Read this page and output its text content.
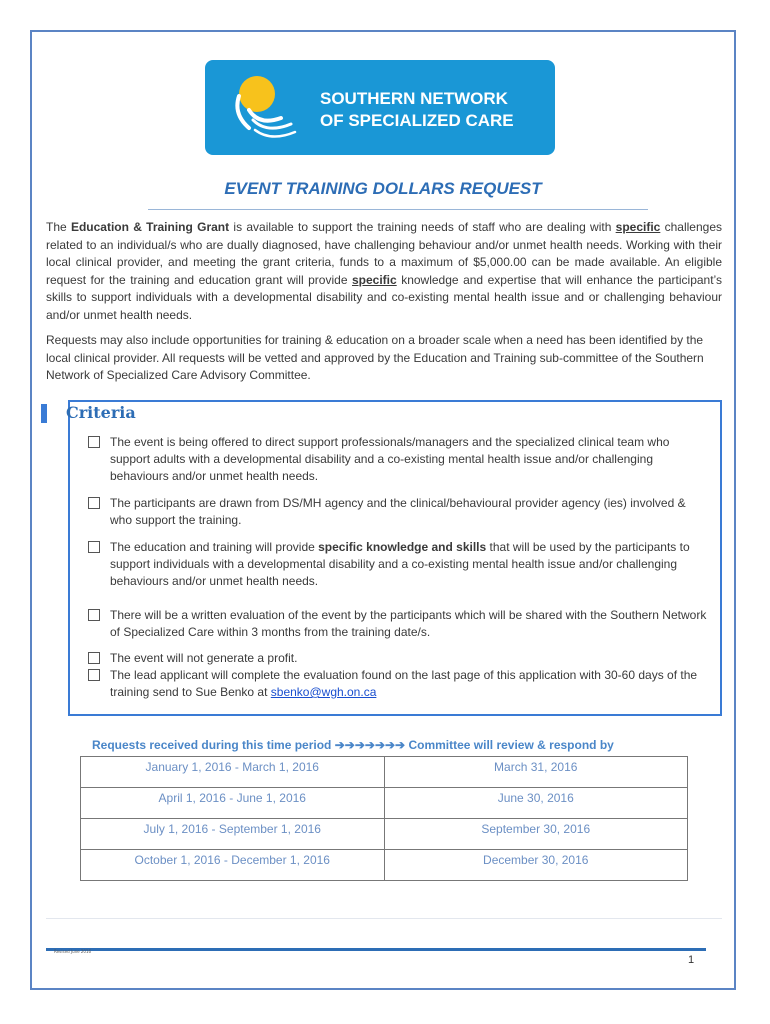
SOUTHERN NETWORK
OF SPECIALIZED CARE
EVENT TRAINING DOLLARS REQUEST

The Education & Training Grant is available to support the training needs of staff who are dealing with specific challenges related to an individual/s who are dually diagnosed, have challenging behaviour and/or unmet health needs. Working with their local clinical provider, and meeting the grant criteria, funds to a maximum of $5,000.00 can be made available. An eligible request for the training and education grant will provide specific knowledge and expertise that will enhance the participant’s skills to support individuals with a developmental disability and co-existing mental health issue and or challenging behaviour and/or unmet health needs.

Requests may also include opportunities for training & education on a broader scale when a need has been identified by the local clinical provider. All requests will be vetted and approved by the Education and Training sub-committee of the Southern Network of Specialized Care Advisory Committee.

Criteria
The event is being offered to direct support professionals/managers and the specialized clinical team who support adults with a developmental disability and a co-existing mental health issue and/or challenging behaviours and/or unmet health needs.
The participants are drawn from DS/MH agency and the clinical/behavioural provider agency (ies) involved & who support the training.
The education and training will provide specific knowledge and skills that will be used by the participants to support individuals with a developmental disability and a co-existing mental health issue and/or challenging behaviours and/or unmet health needs.
There will be a written evaluation of the event by the participants which will be shared with the Southern Network of Specialized Care within 3 months from the training date/s.
The event will not generate a profit.
The lead applicant will complete the evaluation found on the last page of this application with 30-60 days of the training send to Sue Benko at sbenko@wgh.on.ca
Requests received during this time period ➔➔➔➔➔➔➔ Committee will review & respond by
January 1, 2016 - March 1, 2016	March 31, 2016
April 1, 2016 - June 1, 2016	June 30, 2016
July 1, 2016 - September 1, 2016	September 30, 2016
October 1, 2016 - December 1, 2016	December 30, 2016
Revised June 2016
1
